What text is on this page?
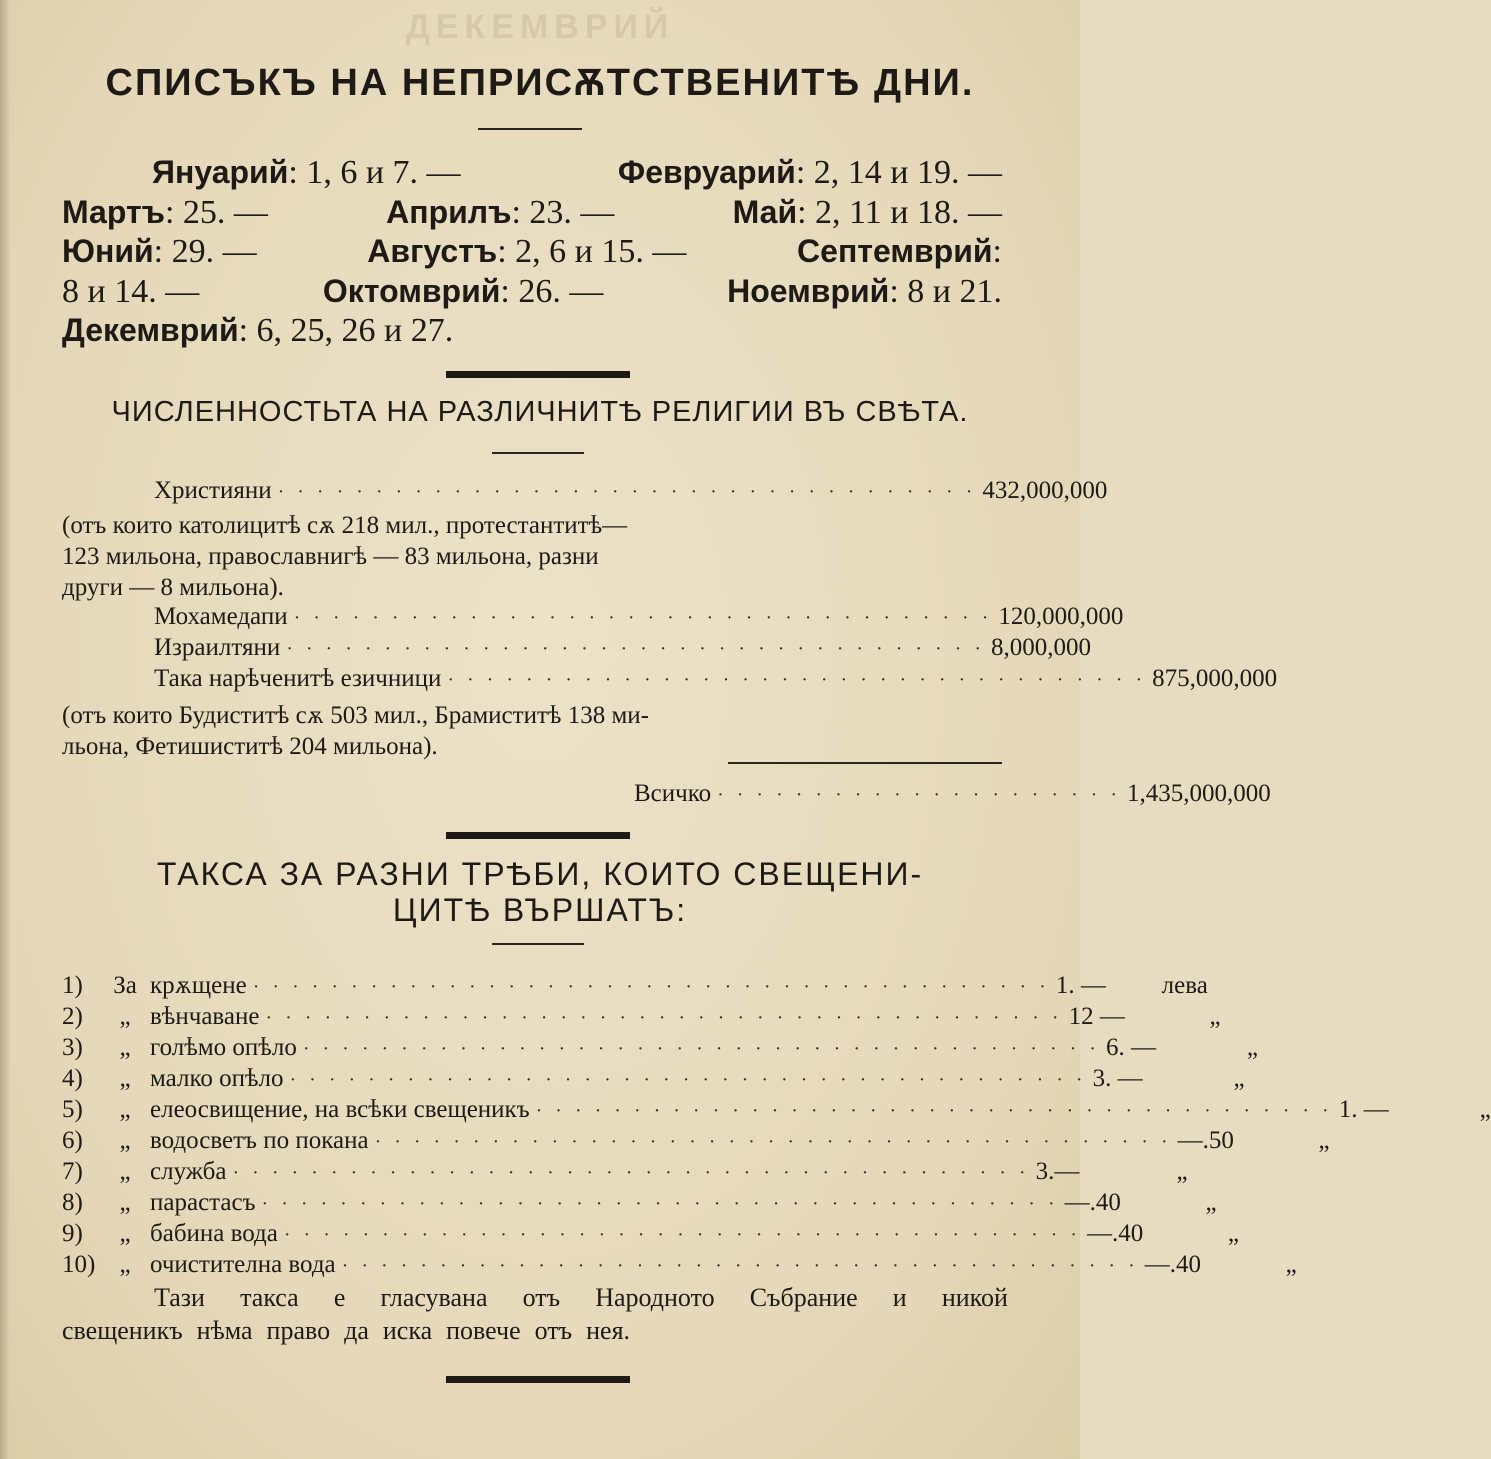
ДЕКЕМВРИЙ
СПИСЪКЪ НА НЕПРИСѪТСТВЕНИТѢ ДНИ.
Януарий: 1, 6 и 7. —	Февруарий: 2, 14 и 19. —
Мартъ: 25. —	Априлъ: 23. —	Май: 2, 11 и 18. —
Юний: 29. —	Августъ: 2, 6 и 15. —	Септемврий:
8 и 14. —	Октомврий: 26. —	Ноемврий: 8 и 21.
Декемврий: 6, 25, 26 и 27.
ЧИСЛЕННОСТЬТА НА РАЗЛИЧНИТѢ РЕЛИГИИ ВЪ СВѢТА.
Християни · · · · · · · · · · · · · · · · · · · · · · · · · · · · · · · · · · · · 432,000,000
(отъ които католицитѣ сѫ 218 мил., протестантитѣ—
123 мильона, православнигѣ — 83 мильона, разни
други — 8 мильона).
Мохамедапи · · · · · · · · · · · · · · · · · · · · · · · · · · · · · · · · · · · · 120,000,000
Израилтяни · · · · · · · · · · · · · · · · · · · · · · · · · · · · · · · · · · · · 8,000,000
Така нарѣченитѣ езичници · · · · · · · · · · · · · · · · · · · · · · · · · · · · · · · · · · · · 875,000,000
(отъ които Будиститѣ сѫ 503 мил., Брамиститѣ 138 ми-
льона, Фетишиститѣ 204 мильона).
Всичко · · · · · · · · · · · · · · · · · · · · · 1,435,000,000
ТАКСА ЗА РАЗНИ ТРѢБИ, КОИТО СВЕЩЕНИ-
ЦИТѢ ВЪРШАТЪ:
1)	За крѫщене · · · · · · · · · · · · · · · · · · · · · · · · · · · · · · · · · · · · · · · · · 1. —	лева
2)	„ вѣнчаване · · · · · · · · · · · · · · · · · · · · · · · · · · · · · · · · · · · · · · · · · 12 —	„
3)	„ голѣмо опѣло · · · · · · · · · · · · · · · · · · · · · · · · · · · · · · · · · · · · · · · · · 6. —	„
4)	„ малко опѣло · · · · · · · · · · · · · · · · · · · · · · · · · · · · · · · · · · · · · · · · · 3. —	„
5)	„ елеосвищение, на всѣки свещеникъ · · · · · · · · · · · · · · · · · · · · · · · · · · · · · · · · · · · · · · · · · 1. —	„
6)	„ водосветъ по покана · · · · · · · · · · · · · · · · · · · · · · · · · · · · · · · · · · · · · · · · · —.50	„
7)	„ служба · · · · · · · · · · · · · · · · · · · · · · · · · · · · · · · · · · · · · · · · · 3.—	„
8)	„ парастасъ · · · · · · · · · · · · · · · · · · · · · · · · · · · · · · · · · · · · · · · · · —.40	„
9)	„ бабина вода · · · · · · · · · · · · · · · · · · · · · · · · · · · · · · · · · · · · · · · · · —.40	„
10) „ очистителна вода · · · · · · · · · · · · · · · · · · · · · · · · · · · · · · · · · · · · · · · · · —.40	„
Тази такса е гласувана отъ Народното Събрание и никой
свещеникъ нѣма право да иска повече отъ нея.
